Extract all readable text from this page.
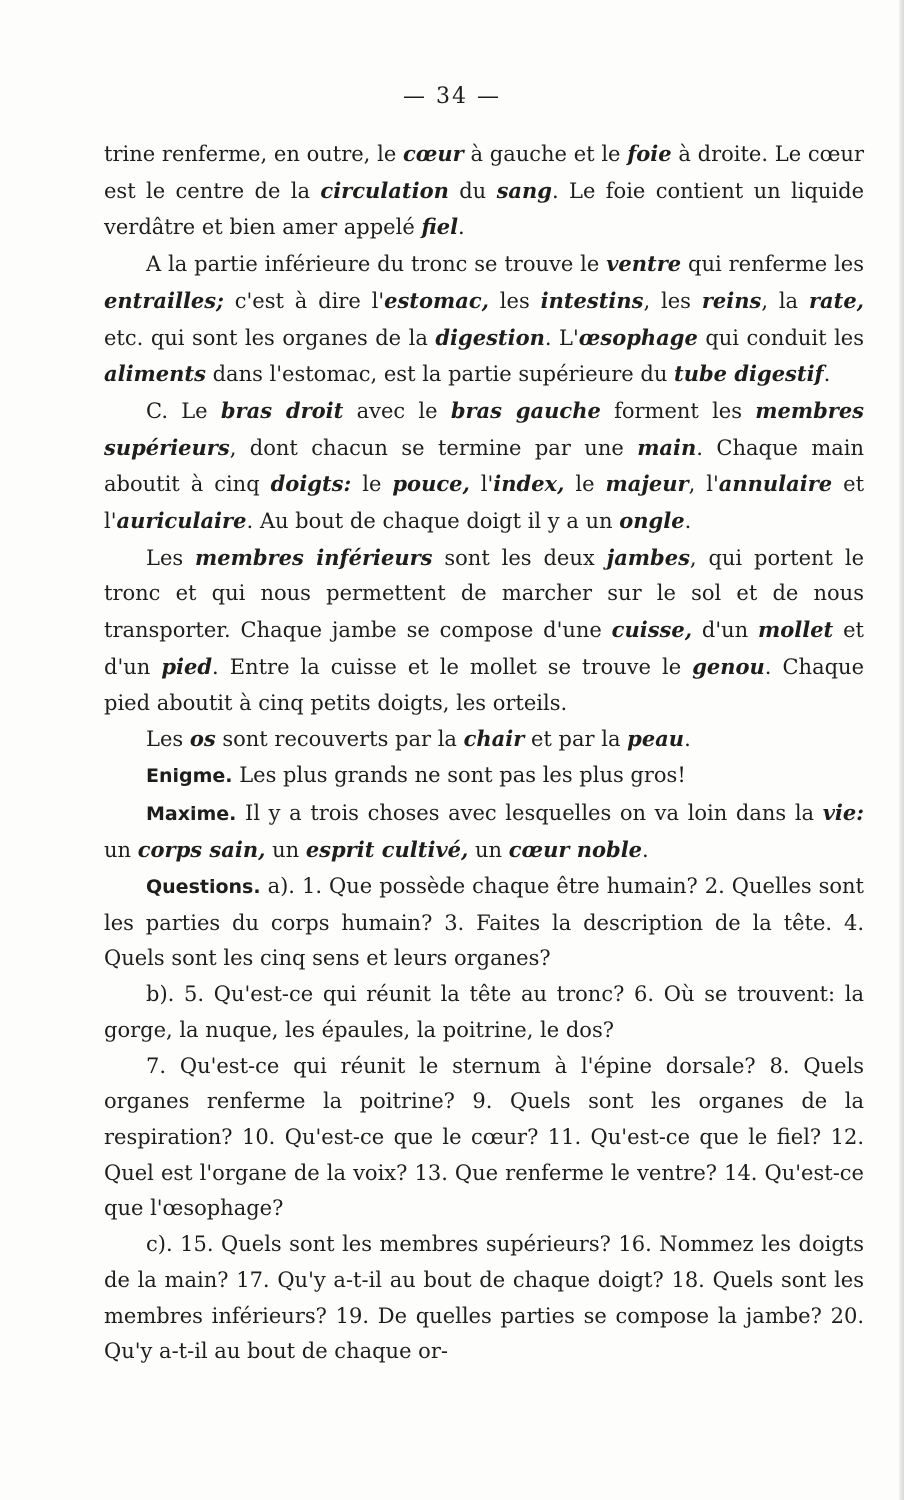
— 34 —

trine renferme, en outre, le cœur à gauche et le foie à droite. Le cœur est le centre de la circulation du sang. Le foie contient un liquide verdâtre et bien amer appelé fiel.

A la partie inférieure du tronc se trouve le ventre qui renferme les entrailles; c'est à dire l'estomac, les intestins, les reins, la rate, etc. qui sont les organes de la digestion. L'œsophage qui conduit les aliments dans l'estomac, est la partie supérieure du tube digestif.

C. Le bras droit avec le bras gauche forment les membres supérieurs, dont chacun se termine par une main. Chaque main aboutit à cinq doigts: le pouce, l'index, le majeur, l'annulaire et l'auriculaire. Au bout de chaque doigt il y a un ongle.

Les membres inférieurs sont les deux jambes, qui portent le tronc et qui nous permettent de marcher sur le sol et de nous transporter. Chaque jambe se compose d'une cuisse, d'un mollet et d'un pied. Entre la cuisse et le mollet se trouve le genou. Chaque pied aboutit à cinq petits doigts, les orteils.

Les os sont recouverts par la chair et par la peau.

Enigme. Les plus grands ne sont pas les plus gros!

Maxime. Il y a trois choses avec lesquelles on va loin dans la vie: un corps sain, un esprit cultivé, un cœur noble.

Questions. a). 1. Que possède chaque être humain? 2. Quelles sont les parties du corps humain? 3. Faites la description de la tête. 4. Quels sont les cinq sens et leurs organes?

b). 5. Qu'est-ce qui réunit la tête au tronc? 6. Où se trouvent: la gorge, la nuque, les épaules, la poitrine, le dos?

7. Qu'est-ce qui réunit le sternum à l'épine dorsale? 8. Quels organes renferme la poitrine? 9. Quels sont les organes de la respiration? 10. Qu'est-ce que le cœur? 11. Qu'est-ce que le fiel? 12. Quel est l'organe de la voix? 13. Que renferme le ventre? 14. Qu'est-ce que l'œsophage?

c). 15. Quels sont les membres supérieurs? 16. Nommez les doigts de la main? 17. Qu'y a-t-il au bout de chaque doigt? 18. Quels sont les membres inférieurs? 19. De quelles parties se compose la jambe? 20. Qu'y a-t-il au bout de chaque or-
